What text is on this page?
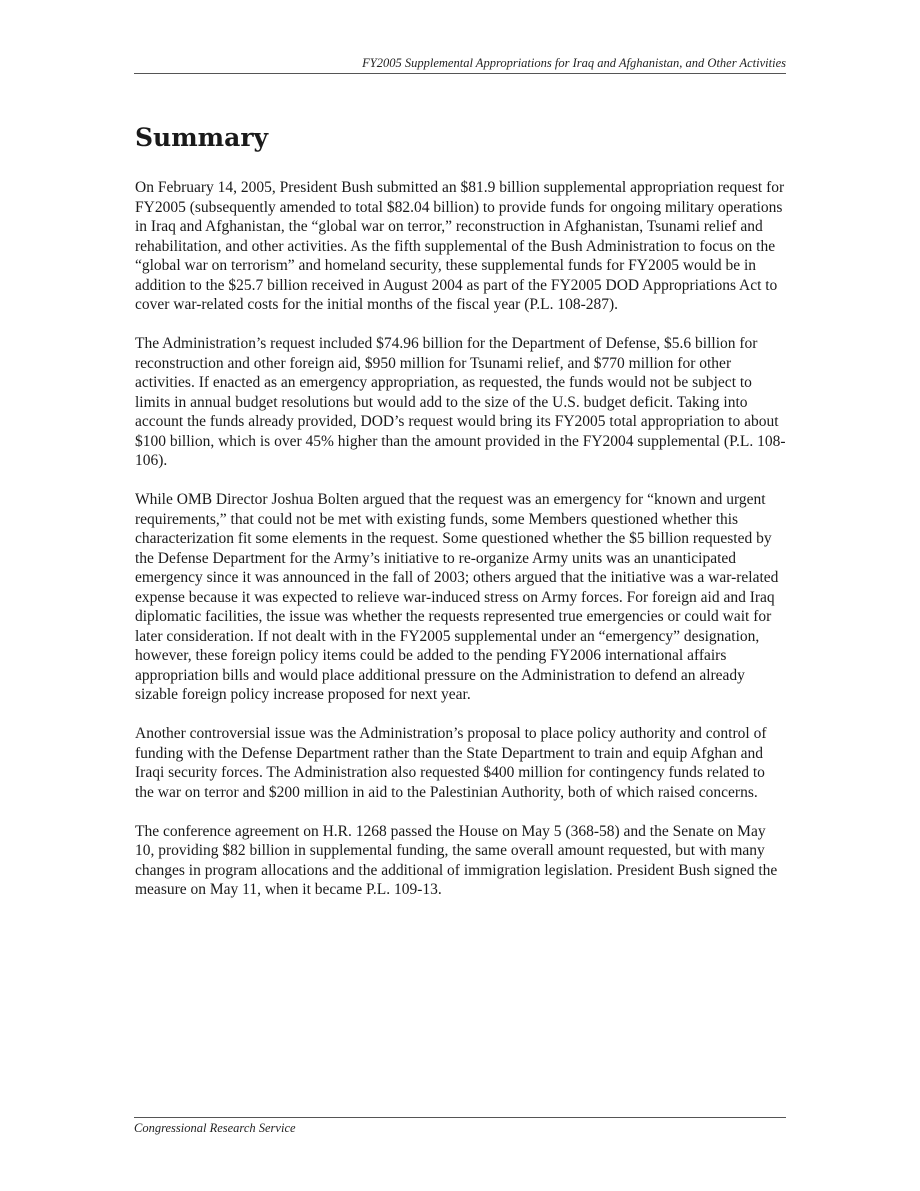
FY2005 Supplemental Appropriations for Iraq and Afghanistan, and Other Activities
Summary

On February 14, 2005, President Bush submitted an $81.9 billion supplemental appropriation request for FY2005 (subsequently amended to total $82.04 billion) to provide funds for ongoing military operations in Iraq and Afghanistan, the “global war on terror,” reconstruction in Afghanistan, Tsunami relief and rehabilitation, and other activities. As the fifth supplemental of the Bush Administration to focus on the “global war on terrorism” and homeland security, these supplemental funds for FY2005 would be in addition to the $25.7 billion received in August 2004 as part of the FY2005 DOD Appropriations Act to cover war-related costs for the initial months of the fiscal year (P.L. 108-287).

The Administration’s request included $74.96 billion for the Department of Defense, $5.6 billion for reconstruction and other foreign aid, $950 million for Tsunami relief, and $770 million for other activities. If enacted as an emergency appropriation, as requested, the funds would not be subject to limits in annual budget resolutions but would add to the size of the U.S. budget deficit. Taking into account the funds already provided, DOD’s request would bring its FY2005 total appropriation to about $100 billion, which is over 45% higher than the amount provided in the FY2004 supplemental (P.L. 108-106).

While OMB Director Joshua Bolten argued that the request was an emergency for “known and urgent requirements,” that could not be met with existing funds, some Members questioned whether this characterization fit some elements in the request. Some questioned whether the $5 billion requested by the Defense Department for the Army’s initiative to re-organize Army units was an unanticipated emergency since it was announced in the fall of 2003; others argued that the initiative was a war-related expense because it was expected to relieve war-induced stress on Army forces. For foreign aid and Iraq diplomatic facilities, the issue was whether the requests represented true emergencies or could wait for later consideration. If not dealt with in the FY2005 supplemental under an “emergency” designation, however, these foreign policy items could be added to the pending FY2006 international affairs appropriation bills and would place additional pressure on the Administration to defend an already sizable foreign policy increase proposed for next year.

Another controversial issue was the Administration’s proposal to place policy authority and control of funding with the Defense Department rather than the State Department to train and equip Afghan and Iraqi security forces. The Administration also requested $400 million for contingency funds related to the war on terror and $200 million in aid to the Palestinian Authority, both of which raised concerns.

The conference agreement on H.R. 1268 passed the House on May 5 (368-58) and the Senate on May 10, providing $82 billion in supplemental funding, the same overall amount requested, but with many changes in program allocations and the additional of immigration legislation. President Bush signed the measure on May 11, when it became P.L. 109-13.

Congressional Research Service
